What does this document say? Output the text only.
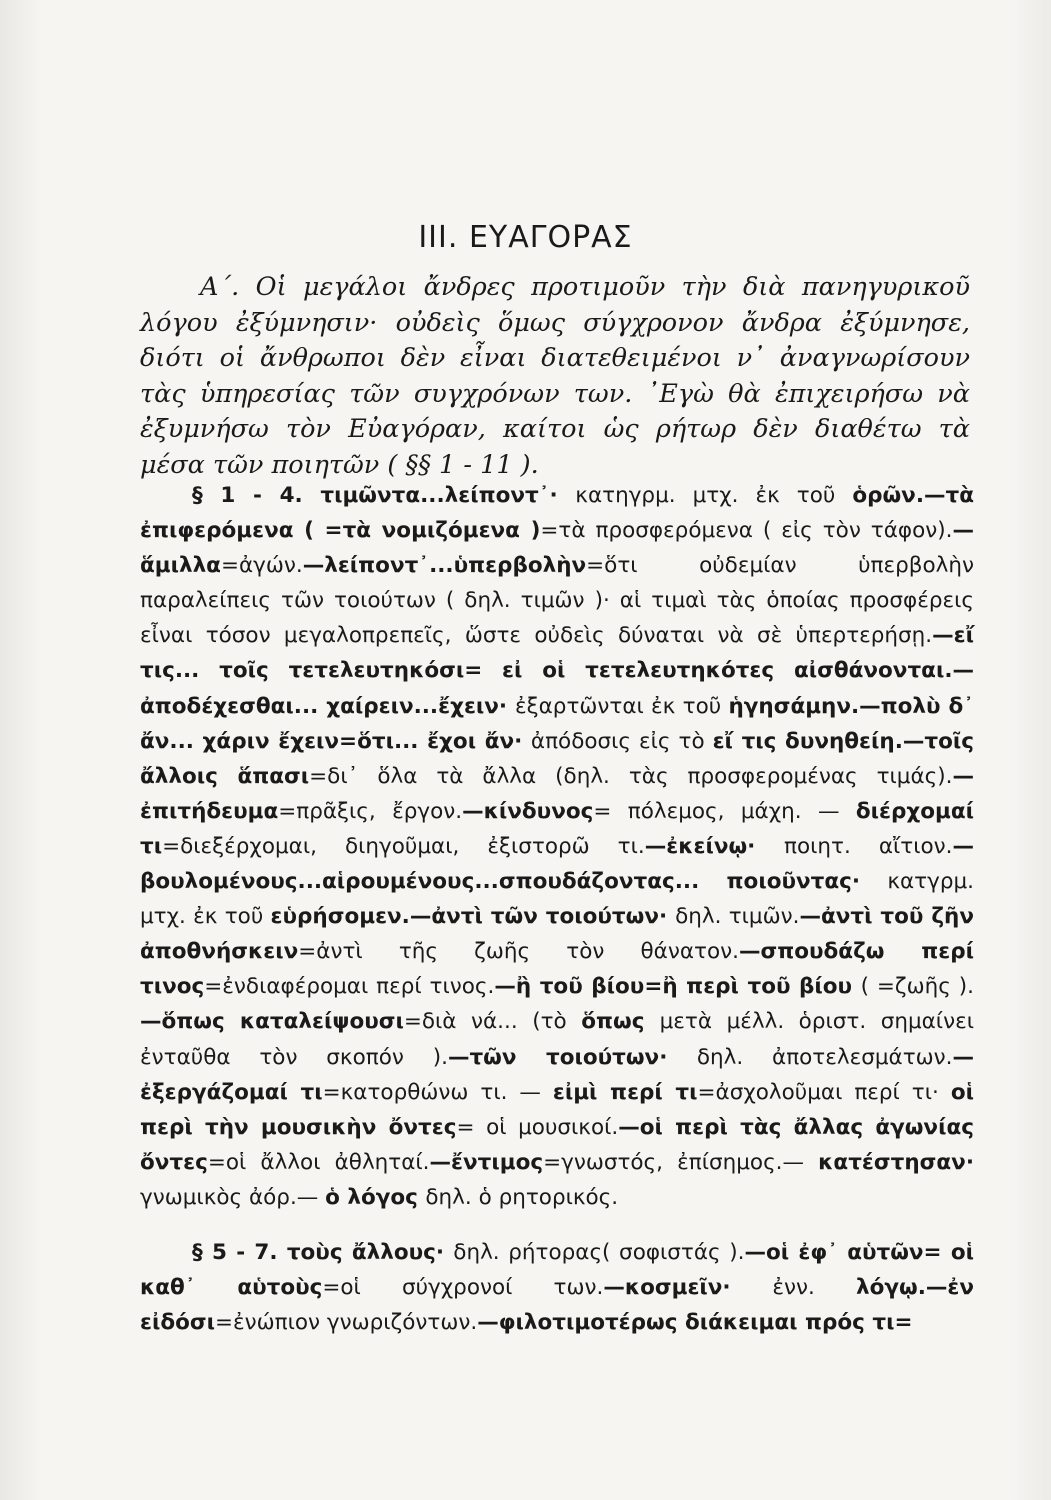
III. ΕΥΑΓΟΡΑΣ

Α΄. Οἱ μεγάλοι ἄνδρες προτιμοῦν τὴν διὰ πανηγυρικοῦ λόγου ἐξύμνησιν· οὐδεὶς ὅμως σύγχρονον ἄνδρα ἐξύμνησε, διότι οἱ ἄνθρωποι δὲν εἶναι διατεθειμένοι ν᾽ ἀναγνωρίσουν τὰς ὑπηρεσίας τῶν συγχρόνων των. ᾽Εγὼ θὰ ἐπιχειρήσω νὰ ἐξυμνήσω τὸν Εὐαγόραν, καίτοι ὡς ρήτωρ δὲν διαθέτω τὰ μέσα τῶν ποιητῶν ( §§ 1 - 11 ).

§ 1 - 4. τιμῶντα...λείποντ᾽· κατηγρμ. μτχ. ἐκ τοῦ ὁρῶν.—τὰ ἐπιφερόμενα ( =τὰ νομιζόμενα )=τὰ προσφερόμενα ( εἰς τὸν τάφον).—ἅμιλλα=ἀγών.—λείποντ᾽...ὑπερβολὴν=ὅτι οὐδεμίαν ὑπερβολὴν παραλείπεις τῶν τοιούτων ( δηλ. τιμῶν )· αἱ τιμαὶ τὰς ὁποίας προσφέρεις εἶναι τόσον μεγαλοπρεπεῖς, ὥστε οὐδεὶς δύναται νὰ σὲ ὑπερτερήσῃ.—εἴ τις... τοῖς τετελευτηκόσι= εἰ οἱ τετελευτηκότες αἰσθάνονται.—ἀποδέχεσθαι... χαίρειν...ἔχειν· ἐξαρτῶνται ἐκ τοῦ ἡγησάμην.—πολὺ δ᾽ ἄν... χάριν ἔχειν=ὅτι... ἔχοι ἄν· ἀπόδοσις εἰς τὸ εἴ τις δυνηθείη.—τοῖς ἄλλοις ἅπασι=δι᾽ ὅλα τὰ ἄλλα (δηλ. τὰς προσφερομένας τιμάς).—ἐπιτήδευμα=πρᾶξις, ἔργον.—κίνδυνος= πόλεμος, μάχη. — διέρχομαί τι=διεξέρχομαι, διηγοῦμαι, ἐξιστορῶ τι.—ἐκείνῳ· ποιητ. αἴτιον.—βουλομένους...αἱρουμένους...σπουδάζοντας... ποιοῦντας· κατγρμ. μτχ. ἐκ τοῦ εὑρήσομεν.—ἀντὶ τῶν τοιούτων· δηλ. τιμῶν.—ἀντὶ τοῦ ζῆν ἀποθνήσκειν=ἀντὶ τῆς ζωῆς τὸν θάνατον.—σπουδάζω περί τινος=ἐνδιαφέρομαι περί τινος.—ἢ τοῦ βίου=ἢ περὶ τοῦ βίου ( =ζωῆς ).—ὅπως καταλείψουσι=διὰ νά... (τὸ ὅπως μετὰ μέλλ. ὁριστ. σημαίνει ἐνταῦθα τὸν σκοπόν ).—τῶν τοιούτων· δηλ. ἀποτελεσμάτων.—ἐξεργάζομαί τι=κατορθώνω τι. — εἰμὶ περί τι=ἀσχολοῦμαι περί τι· οἱ περὶ τὴν μουσικὴν ὄντες= οἱ μουσικοί.—οἱ περὶ τὰς ἄλλας ἀγωνίας ὄντες=οἱ ἄλλοι ἀθληταί.—ἔντιμος=γνωστός, ἐπίσημος.— κατέστησαν· γνωμικὸς ἀόρ.— ὁ λόγος δηλ. ὁ ρητορικός.

§ 5 - 7. τοὺς ἄλλους· δηλ. ρήτορας( σοφιστάς ).—οἱ ἐφ᾽ αὑτῶν= οἱ καθ᾽ αὑτοὺς=οἱ σύγχρονοί των.—κοσμεῖν· ἐνν. λόγῳ.—ἐν εἰδόσι=ἐνώπιον γνωριζόντων.—φιλοτιμοτέρως διάκειμαι πρός τι=
